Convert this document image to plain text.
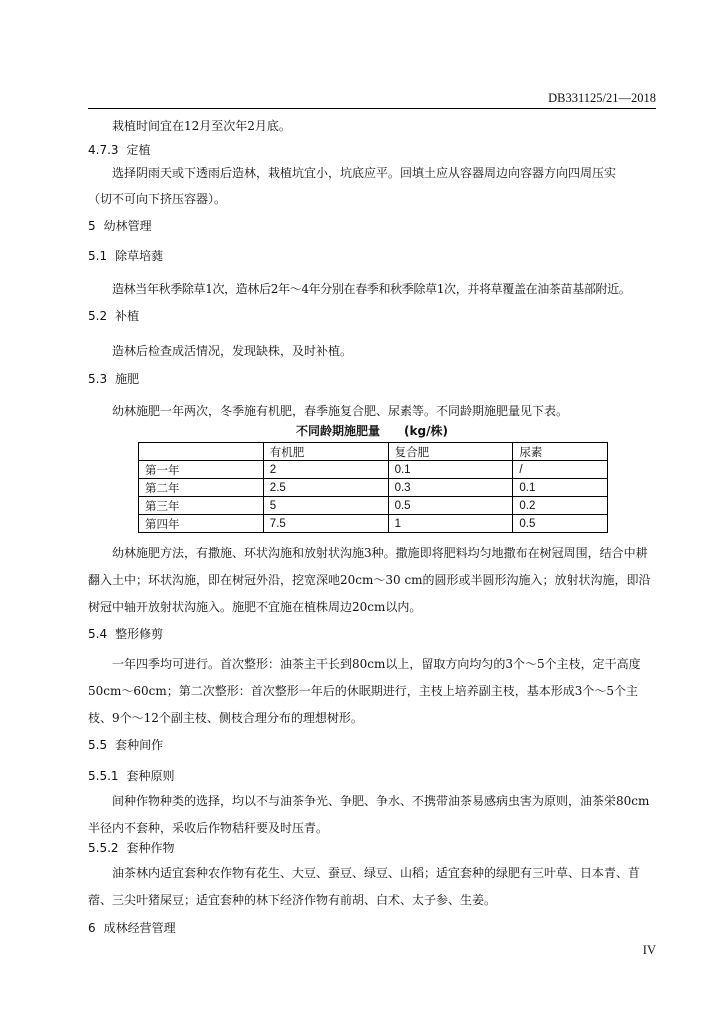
DB331125/21—2018
栽植时间宜在12月至次年2月底。
4.7.3 定植
选择阴雨天或下透雨后造林，栽植坑宜小，坑底应平。回填土应从容器周边向容器方向四周压实
（切不可向下挤压容器）。
5 幼林管理
5.1 除草培蕤
造林当年秋季除草1次，造林后2年～4年分别在春季和秋季除草1次，并将草覆盖在油茶苗基部附近。
5.2 补植
造林后检查成活情况，发现缺株，及时补植。
5.3 施肥
幼林施肥一年两次，冬季施有机肥，春季施复合肥、尿素等。不同龄期施肥量见下表。
不同龄期施肥量　　(kg/株)
	有机肥	复合肥	尿素
第一年	2	0.1	/
第二年	2.5	0.3	0.1
第三年	5	0.5	0.2
第四年	7.5	1	0.5
幼林施肥方法，有撒施、环状沟施和放射状沟施3种。撒施即将肥料均匀地撒布在树冠周围，结合中耕翻入土中；环状沟施，即在树冠外沿，挖宽深吔20cm～30 cm的圆形或半圆形沟施入；放射状沟施，即沿树冠中轴开放射状沟施入。施肥不宜施在植株周边20cm以内。
5.4 整形修剪
一年四季均可进行。首次整形：油茶主干长到80cm以上，留取方向均匀的3个～5个主枝，定干高度50cm～60cm；第二次整形：首次整形一年后的休眠期进行，主枝上培养副主枝，基本形成3个～5个主枝、9个～12个副主枝、侧枝合理分布的理想树形。
5.5 套种间作
5.5.1 套种原则
间种作物种类的选择，均以不与油茶争光、争肥、争水、不携带油茶易感病虫害为原则，油茶栄80cm半径内不套种，采收后作物秸秆要及时压青。
5.5.2 套种作物
油茶林内适宜套种农作物有花生、大豆、蚕豆、绿豆、山稻；适宜套种的绿肥有三叶草、日本青、苜蓿、三尖叶猪屎豆；适宜套种的林下经济作物有前胡、白术、太子参、生姜。
6 成林经营管理
IV
